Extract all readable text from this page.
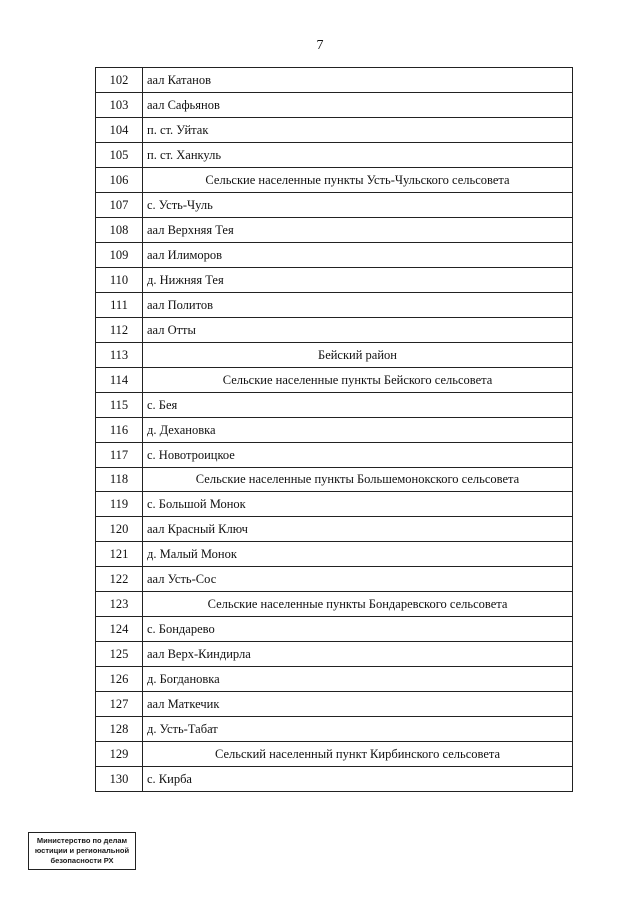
7
102	аал Катанов
103	аал Сафьянов
104	п. ст. Уйтак
105	п. ст. Ханкуль
106	Сельские населенные пункты Усть-Чульского сельсовета
107	с. Усть-Чуль
108	аал Верхняя Тея
109	аал Илиморов
110	д. Нижняя Тея
111	аал Политов
112	аал Отты
113	Бейский район
114	Сельские населенные пункты Бейского сельсовета
115	с. Бея
116	д. Дехановка
117	с. Новотроицкое
118	Сельские населенные пункты Большемонокского сельсовета
119	с. Большой Монок
120	аал Красный Ключ
121	д. Малый Монок
122	аал Усть-Сос
123	Сельские населенные пункты Бондаревского сельсовета
124	с. Бондарево
125	аал Верх-Киндирла
126	д. Богдановка
127	аал Маткечик
128	д. Усть-Табат
129	Сельский населенный пункт Кирбинского сельсовета
130	с. Кирба
Министерство по делам
юстиции и региональной
безопасности РХ
